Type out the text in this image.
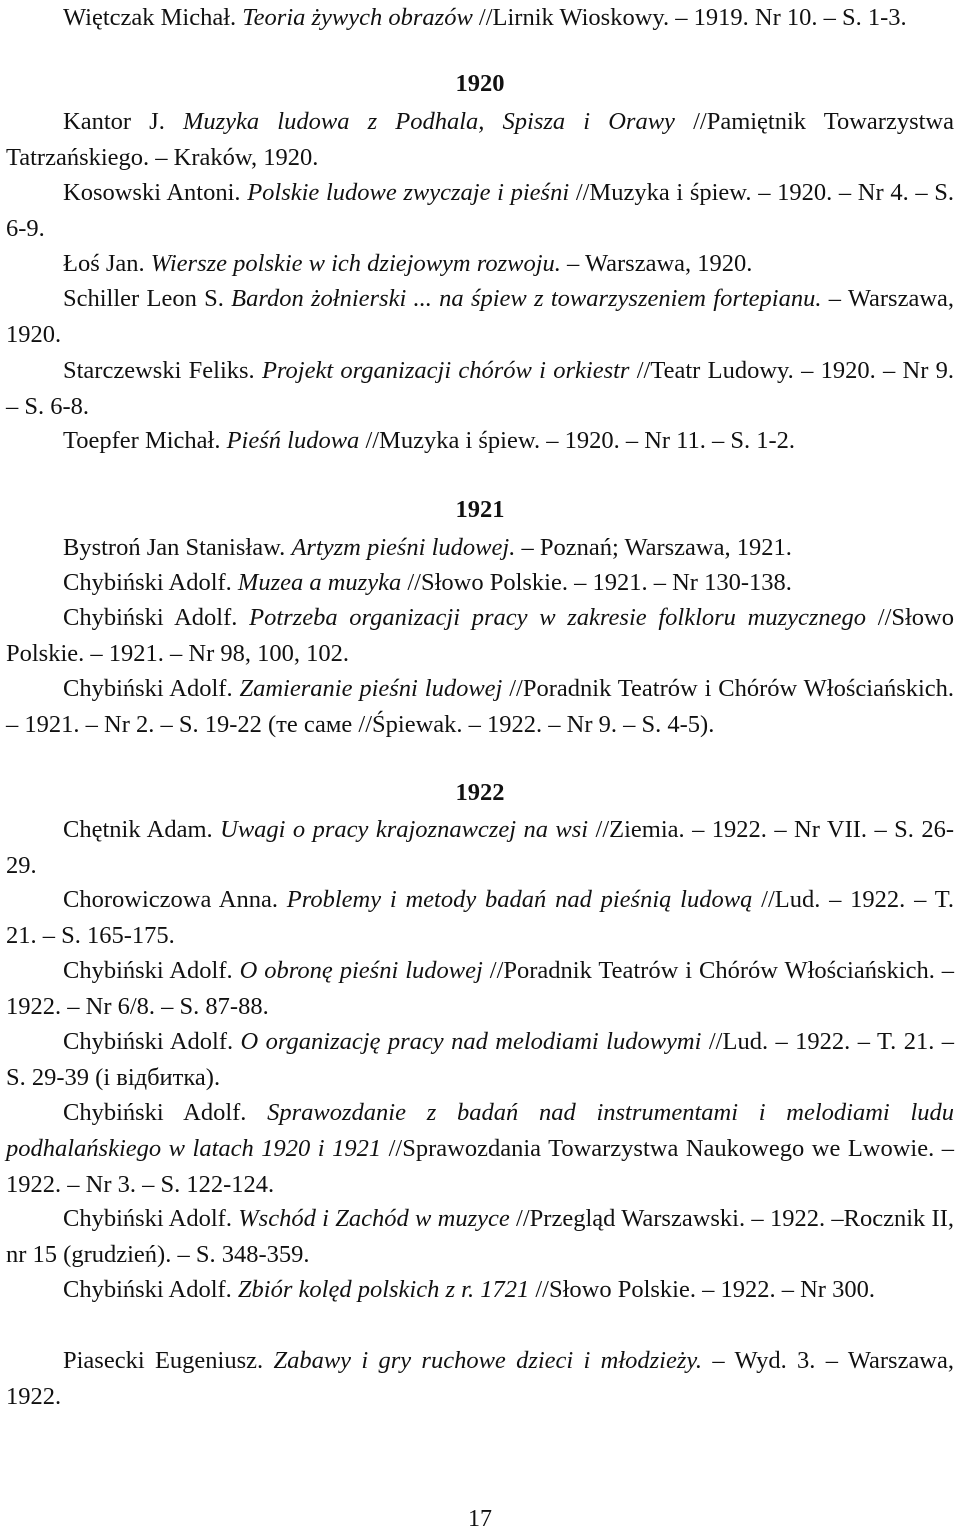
Więtczak Michał. Teoria żywych obrazów //Lirnik Wioskowy. – 1919. Nr 10. – S. 1-3.

1920

Kantor J. Muzyka ludowa z Podhala, Spisza i Orawy //Pamiętnik Towarzystwa Tatrzańskiego. – Kraków, 1920.

Kosowski Antoni. Polskie ludowe zwyczaje i pieśni //Muzyka i śpiew. – 1920. – Nr 4. – S. 6-9.

Łoś Jan. Wiersze polskie w ich dziejowym rozwoju. – Warszawa, 1920.

Schiller Leon S. Bardon żołnierski ... na śpiew z towarzyszeniem fortepianu. – Warszawa, 1920.

Starczewski Feliks. Projekt organizacji chórów i orkiestr //Teatr Ludowy. – 1920. – Nr 9. – S. 6-8.

Toepfer Michał. Pieśń ludowa //Muzyka i śpiew. – 1920. – Nr 11. – S. 1-2.

1921

Bystroń Jan Stanisław. Artyzm pieśni ludowej. – Poznań; Warszawa, 1921.

Chybiński Adolf. Muzea a muzyka //Słowo Polskie. – 1921. – Nr 130-138.

Chybiński Adolf. Potrzeba organizacji pracy w zakresie folkloru muzycznego //Słowo Polskie. – 1921. – Nr 98, 100, 102.

Chybiński Adolf. Zamieranie pieśni ludowej //Poradnik Teatrów i Chórów Włościańskich. – 1921. – Nr 2. – S. 19-22 (те саме //Śpiewak. – 1922. – Nr 9. – S. 4-5).

1922

Chętnik Adam. Uwagi o pracy krajoznawczej na wsi //Ziemia. – 1922. – Nr VII. – S. 26-29.

Chorowiczowa Anna. Problemy i metody badań nad pieśnią ludową //Lud. – 1922. – T. 21. – S. 165-175.

Chybiński Adolf. O obronę pieśni ludowej //Poradnik Teatrów i Chórów Włościańskich. – 1922. – Nr 6/8. – S. 87-88.

Chybiński Adolf. O organizację pracy nad melodiami ludowymi //Lud. – 1922. – T. 21. – S. 29-39 (і відбитка).

Chybiński Adolf. Sprawozdanie z badań nad instrumentami i melodiami ludu podhalańskiego w latach 1920 i 1921 //Sprawozdania Towarzystwa Naukowego we Lwowie. – 1922. – Nr 3. – S. 122-124.

Chybiński Adolf. Wschód i Zachód w muzyce //Przegląd Warszawski. – 1922. –Rocznik II, nr 15 (grudzień). – S. 348-359.

Chybiński Adolf. Zbiór kolęd polskich z r. 1721 //Słowo Polskie. – 1922. – Nr 300.

Piasecki Eugeniusz. Zabawy i gry ruchowe dzieci i młodzieży. – Wyd. 3. – Warszawa, 1922.

17
